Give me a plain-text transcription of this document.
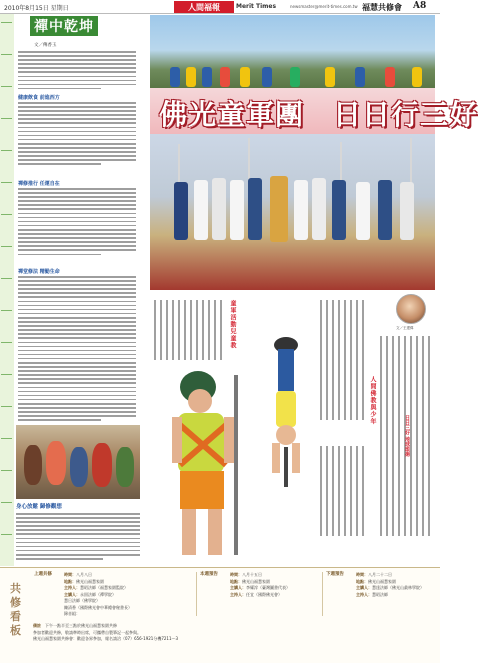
2010年8月15日 星期日	人間福報	Merit Times	newsmaster@merit-times.com.tw 福慧共修會 A8
禪中乾坤
文／傳香玉
健康飲食 前進西方
禪修推行 任運自在
禪堂修法 精勤生命
身心放鬆 歸修觀想
佛光童軍團　日日行三好
童軍活動兒童教
人間佛教與少年
文／王建偉
日日三好 地球頌揚
共修看板
上週共修	時間：八月八日
地點：佛光山福慧家園
主持人：慧昭法師（福慧家園監院）
主講人：永固法師（禪學院）
慧日法師（佛學院）
陳清香（國際佛光會中華總會秘書長）
錄音組：
本週預告	時間：八月十五日
地點：佛光山福慧家園
主講人：李耀淳（臺灣圖書代表）
主持人：任宜（國際佛光會）
下週預告	時間：八月二十二日
地點：佛光山福慧家園
主講人：慧達法師（佛光山叢林學院）
主持人：慧昭法師
備註　 下午一點半至三點於佛光山福慧家園共修
參加者歡迎共修，敬請準時出席，可攜帶自製筆記一起參與。
佛光山福慧家園共修會：歡迎各界參加，報名請洽（07）656-1921分機7211～3
